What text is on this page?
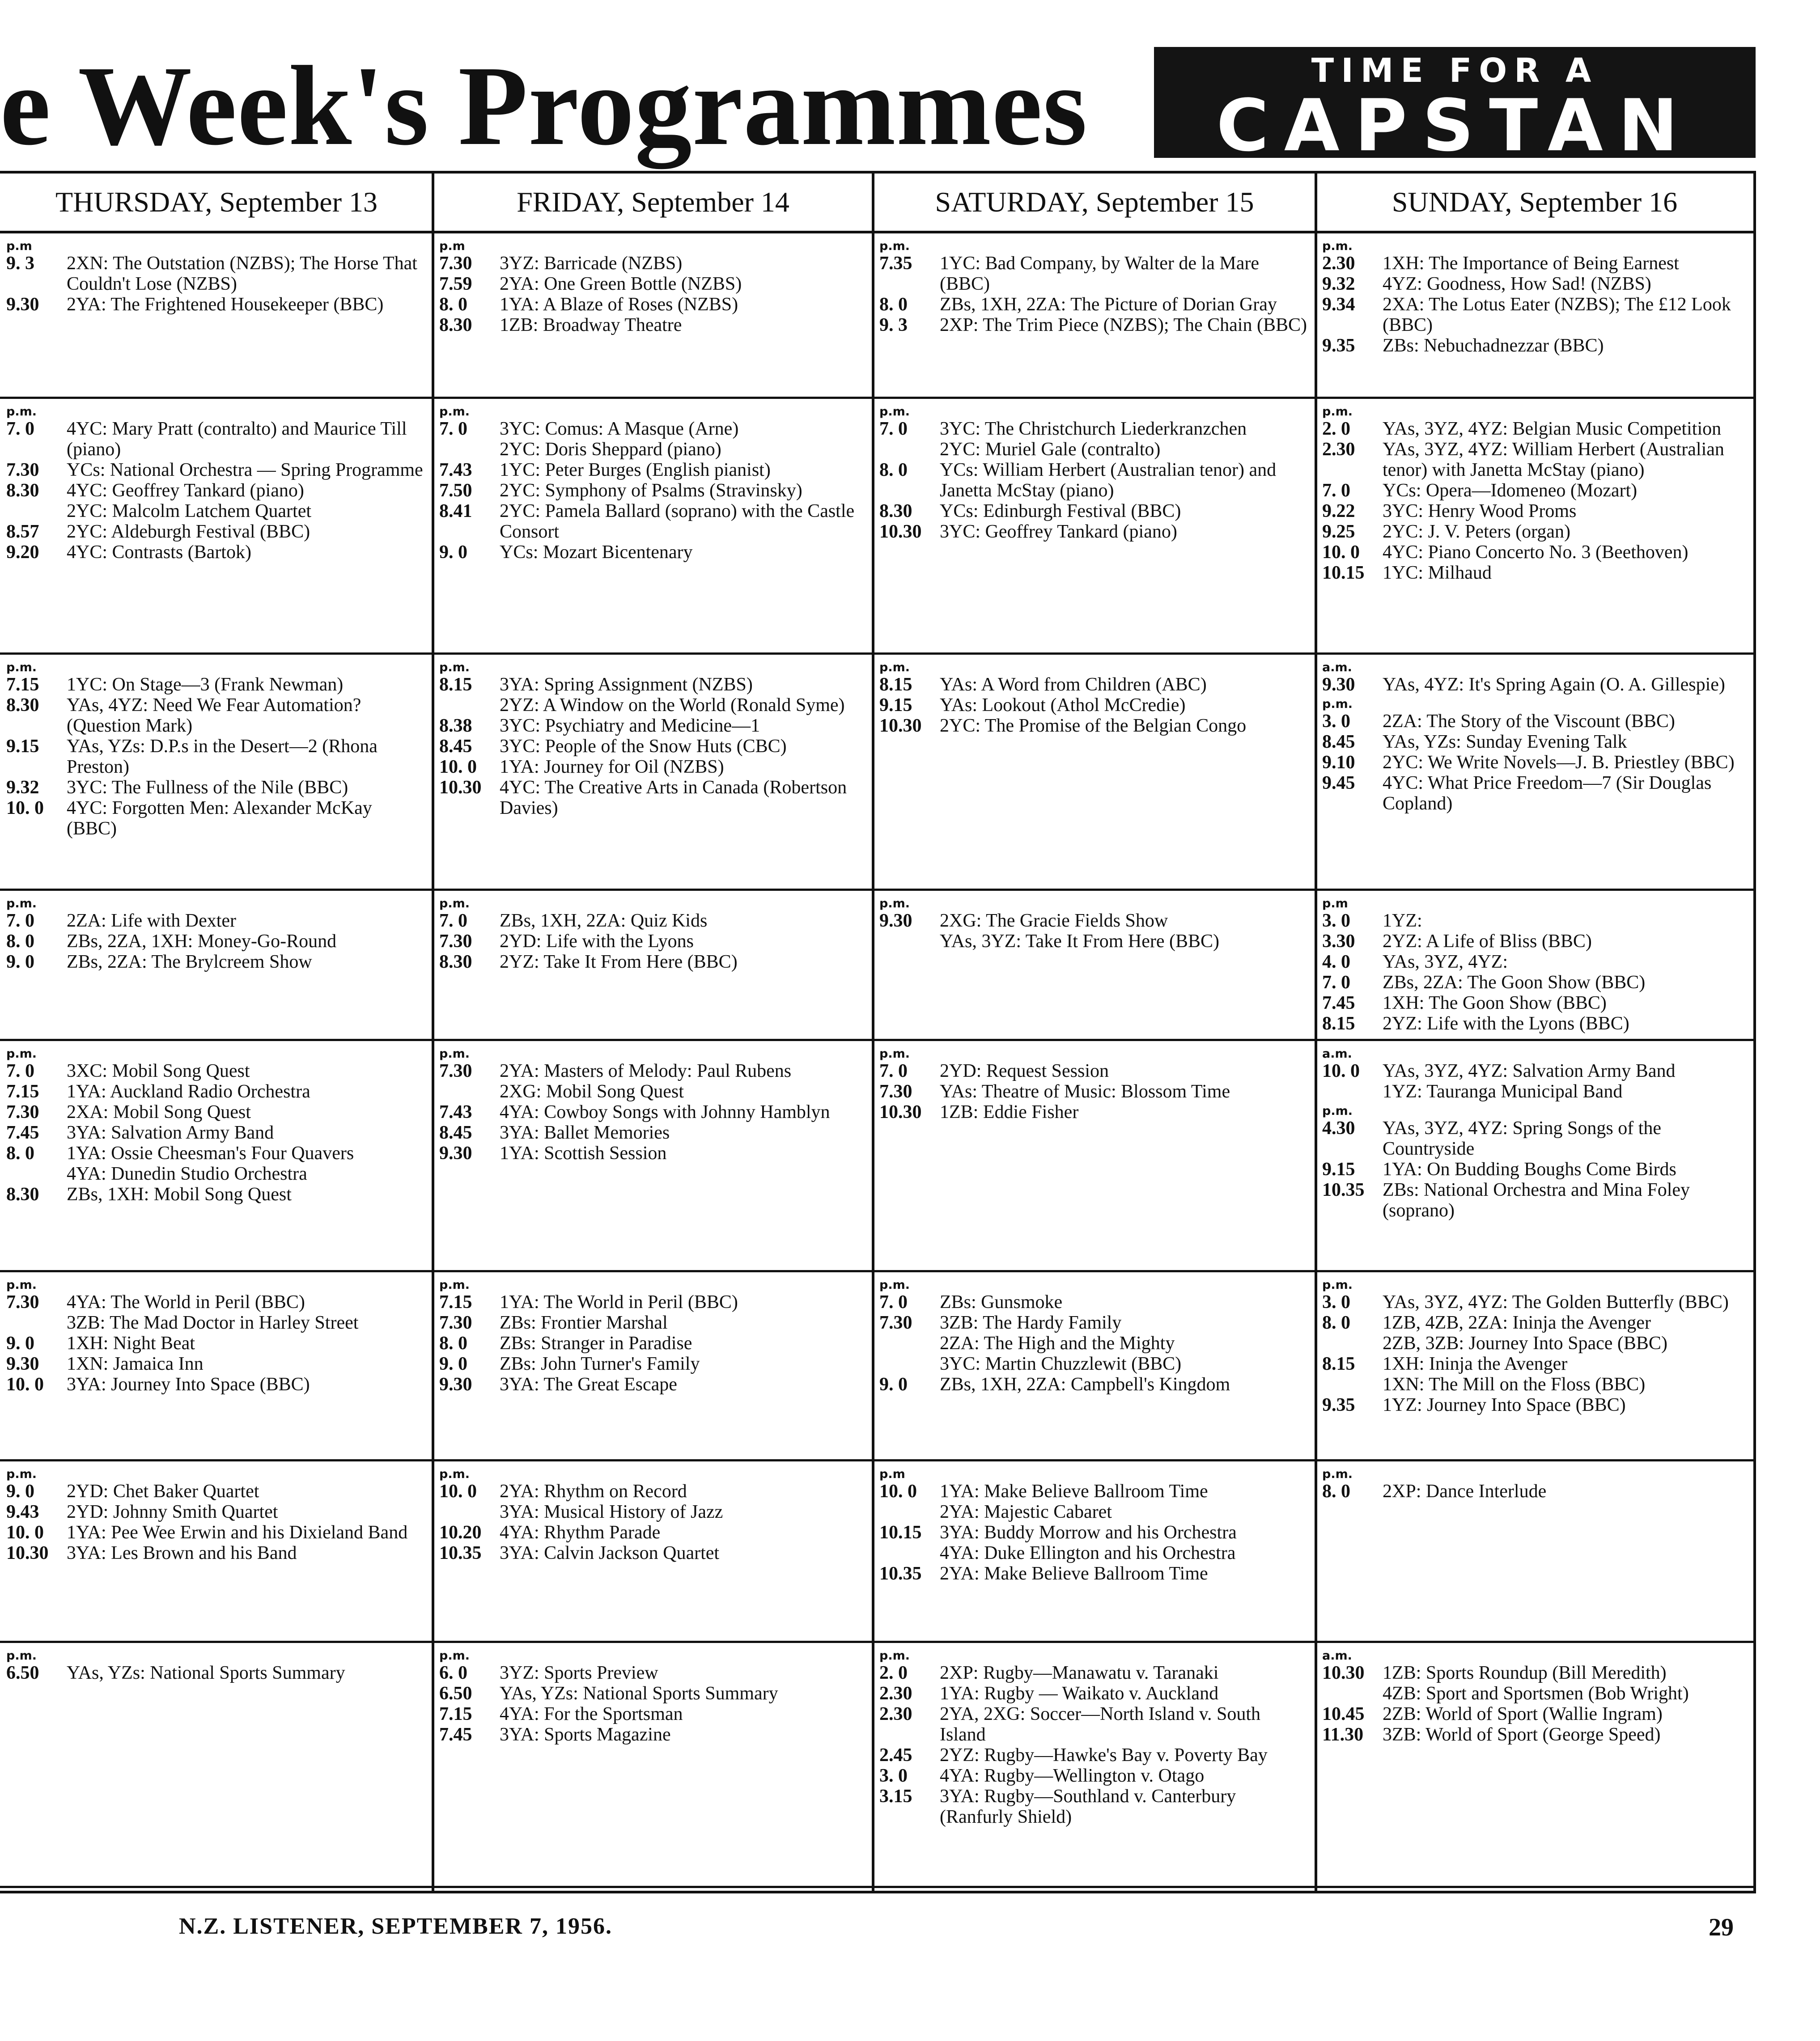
e Week's Programmes	TIME FOR A
CAPSTAN
THURSDAY, September 13	FRIDAY, September 14	SATURDAY, September 15	SUNDAY, September 16
p.m
9. 3	2XN: The Outstation (NZBS); The Horse That Couldn't Lose (NZBS)
9.30	2YA: The Frightened Housekeeper (BBC)
p.m
7.30	3YZ: Barricade (NZBS)
7.59	2YA: One Green Bottle (NZBS)
8. 0	1YA: A Blaze of Roses (NZBS)
8.30	1ZB: Broadway Theatre
p.m.
7.35	1YC: Bad Company, by Walter de la Mare (BBC)
8. 0	ZBs, 1XH, 2ZA: The Picture of Dorian Gray
9. 3	2XP: The Trim Piece (NZBS); The Chain (BBC)
p.m.
2.30	1XH: The Importance of Being Earnest
9.32	4YZ: Goodness, How Sad! (NZBS)
9.34	2XA: The Lotus Eater (NZBS); The £12 Look (BBC)
9.35	ZBs: Nebuchadnezzar (BBC)
p.m.
7. 0	4YC: Mary Pratt (contralto) and Maurice Till (piano)
7.30	YCs: National Orchestra — Spring Programme
8.30	4YC: Geoffrey Tankard (piano)
2YC: Malcolm Latchem Quartet
8.57	2YC: Aldeburgh Festival (BBC)
9.20	4YC: Contrasts (Bartok)
p.m.
7. 0	3YC: Comus: A Masque (Arne)
2YC: Doris Sheppard (piano)
7.43	1YC: Peter Burges (English pianist)
7.50	2YC: Symphony of Psalms (Stravinsky)
8.41	2YC: Pamela Ballard (soprano) with the Castle Consort
9. 0	YCs: Mozart Bicentenary
p.m.
7. 0	3YC: The Christchurch Liederkranzchen
2YC: Muriel Gale (contralto)
8. 0	YCs: William Herbert (Australian tenor) and Janetta McStay (piano)
8.30	YCs: Edinburgh Festival (BBC)
10.30 3YC: Geoffrey Tankard (piano)
p.m.
2. 0	YAs, 3YZ, 4YZ: Belgian Music Competition
2.30	YAs, 3YZ, 4YZ: William Herbert (Australian tenor) with Janetta McStay (piano)
7. 0	YCs: Opera—Idomeneo (Mozart)
9.22	3YC: Henry Wood Proms
9.25	2YC: J. V. Peters (organ)
10. 0	4YC: Piano Concerto No. 3 (Beethoven)
10.15 1YC: Milhaud
p.m.
7.15	1YC: On Stage—3 (Frank Newman)
8.30	YAs, 4YZ: Need We Fear Automation? (Question Mark)
9.15	YAs, YZs: D.P.s in the Desert—2 (Rhona Preston)
9.32	3YC: The Fullness of the Nile (BBC)
10. 0	4YC: Forgotten Men: Alexander McKay (BBC)
p.m.
8.15	3YA: Spring Assignment (NZBS)
2YZ: A Window on the World (Ronald Syme)
8.38	3YC: Psychiatry and Medicine—1
8.45	3YC: People of the Snow Huts (CBC)
10. 0	1YA: Journey for Oil (NZBS)
10.30 4YC: The Creative Arts in Canada (Robertson Davies)
p.m.
8.15	YAs: A Word from Children (ABC)
9.15	YAs: Lookout (Athol McCredie)
10.30 2YC: The Promise of the Belgian Congo
a.m.
9.30	YAs, 4YZ: It's Spring Again (O. A. Gillespie)
p.m.
3. 0	2ZA: The Story of the Viscount (BBC)
8.45	YAs, YZs: Sunday Evening Talk
9.10	2YC: We Write Novels—J. B. Priestley (BBC)
9.45	4YC: What Price Freedom—7 (Sir Douglas Copland)
p.m.
7. 0	2ZA: Life with Dexter
8. 0	ZBs, 2ZA, 1XH: Money-Go-Round
9. 0	ZBs, 2ZA: The Brylcreem Show
p.m.
7. 0	ZBs, 1XH, 2ZA: Quiz Kids
7.30	2YD: Life with the Lyons
8.30	2YZ: Take It From Here (BBC)
p.m.
9.30	2XG: The Gracie Fields Show
YAs, 3YZ: Take It From Here (BBC)
p.m
3. 0	1YZ:
3.30	2YZ: A Life of Bliss (BBC)
4. 0	YAs, 3YZ, 4YZ:
7. 0	ZBs, 2ZA: The Goon Show (BBC)
7.45	1XH: The Goon Show (BBC)
8.15	2YZ: Life with the Lyons (BBC)
p.m.
7. 0	3XC: Mobil Song Quest
7.15	1YA: Auckland Radio Orchestra
7.30	2XA: Mobil Song Quest
7.45	3YA: Salvation Army Band
8. 0	1YA: Ossie Cheesman's Four Quavers
4YA: Dunedin Studio Orchestra
8.30	ZBs, 1XH: Mobil Song Quest
p.m.
7.30	2YA: Masters of Melody: Paul Rubens
2XG: Mobil Song Quest
7.43	4YA: Cowboy Songs with Johnny Hamblyn
8.45	3YA: Ballet Memories
9.30	1YA: Scottish Session
p.m.
7. 0	2YD: Request Session
7.30	YAs: Theatre of Music: Blossom Time
10.30 1ZB: Eddie Fisher
a.m.
10. 0	YAs, 3YZ, 4YZ: Salvation Army Band
1YZ: Tauranga Municipal Band
p.m.
4.30	YAs, 3YZ, 4YZ: Spring Songs of the Countryside
9.15	1YA: On Budding Boughs Come Birds
10.35 ZBs: National Orchestra and Mina Foley (soprano)
p.m.
7.30	4YA: The World in Peril (BBC)
3ZB: The Mad Doctor in Harley Street
9. 0	1XH: Night Beat
9.30	1XN: Jamaica Inn
10. 0	3YA: Journey Into Space (BBC)
p.m.
7.15	1YA: The World in Peril (BBC)
7.30	ZBs: Frontier Marshal
8. 0	ZBs: Stranger in Paradise
9. 0	ZBs: John Turner's Family
9.30	3YA: The Great Escape
p.m.
7. 0	ZBs: Gunsmoke
7.30	3ZB: The Hardy Family
2ZA: The High and the Mighty
3YC: Martin Chuzzlewit (BBC)
9. 0	ZBs, 1XH, 2ZA: Campbell's Kingdom
p.m.
3. 0	YAs, 3YZ, 4YZ: The Golden Butterfly (BBC)
8. 0	1ZB, 4ZB, 2ZA: Ininja the Avenger
2ZB, 3ZB: Journey Into Space (BBC)
8.15	1XH: Ininja the Avenger
1XN: The Mill on the Floss (BBC)
9.35	1YZ: Journey Into Space (BBC)
p.m.
9. 0	2YD: Chet Baker Quartet
9.43	2YD: Johnny Smith Quartet
10. 0	1YA: Pee Wee Erwin and his Dixieland Band
10.30 3YA: Les Brown and his Band
p.m.
10. 0	2YA: Rhythm on Record
3YA: Musical History of Jazz
10.20 4YA: Rhythm Parade
10.35 3YA: Calvin Jackson Quartet
p.m
10. 0	1YA: Make Believe Ballroom Time
2YA: Majestic Cabaret
10.15 3YA: Buddy Morrow and his Orchestra
4YA: Duke Ellington and his Orchestra
10.35 2YA: Make Believe Ballroom Time
p.m.
8. 0	2XP: Dance Interlude
p.m.
6.50	YAs, YZs: National Sports Summary
p.m.
6. 0	3YZ: Sports Preview
6.50	YAs, YZs: National Sports Summary
7.15	4YA: For the Sportsman
7.45	3YA: Sports Magazine
p.m.
2. 0	2XP: Rugby—Manawatu v. Taranaki
2.30	1YA: Rugby — Waikato v. Auckland
2.30	2YA, 2XG: Soccer—North Island v. South Island
2.45	2YZ: Rugby—Hawke's Bay v. Poverty Bay
3. 0	4YA: Rugby—Wellington v. Otago
3.15	3YA: Rugby—Southland v. Canterbury (Ranfurly Shield)
a.m.
10.30 1ZB: Sports Roundup (Bill Meredith)
4ZB: Sport and Sportsmen (Bob Wright)
10.45 2ZB: World of Sport (Wallie Ingram)
11.30	3ZB: World of Sport (George Speed)
N.Z. LISTENER, SEPTEMBER 7, 1956.	29
